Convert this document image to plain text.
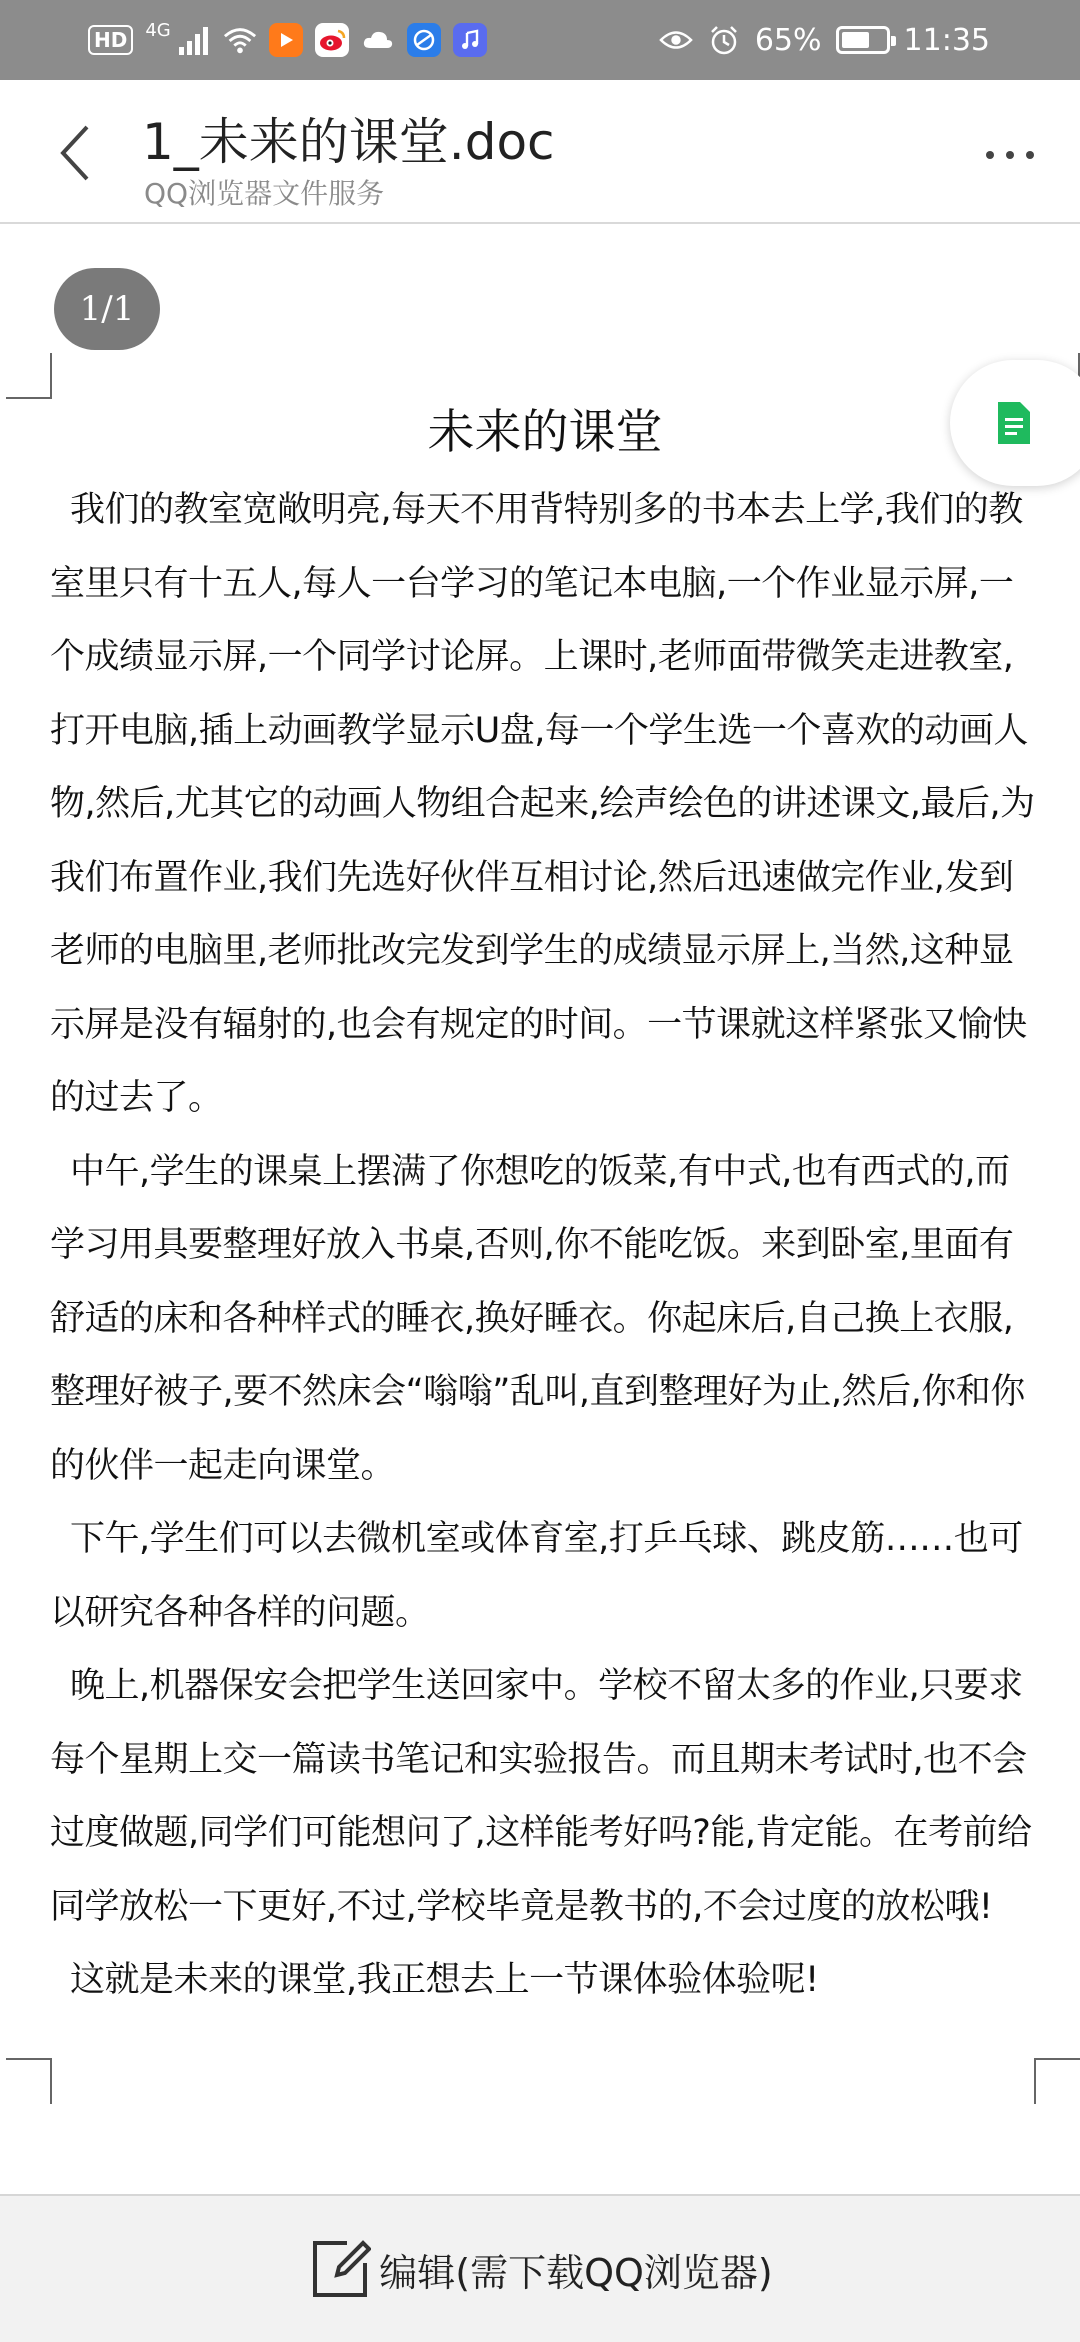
HD	4G	65%	11:35
1_未来的课堂.doc
QQ浏览器文件服务
1/1
未来的课堂

我们的教室宽敞明亮,每天不用背特别多的书本去上学,我们的教室里只有十五人,每人一台学习的笔记本电脑,一个作业显示屏,一个成绩显示屏,一个同学讨论屏。上课时,老师面带微笑走进教室,打开电脑,插上动画教学显示U盘,每一个学生选一个喜欢的动画人物,然后,尤其它的动画人物组合起来,绘声绘色的讲述课文,最后,为我们布置作业,我们先选好伙伴互相讨论,然后迅速做完作业,发到老师的电脑里,老师批改完发到学生的成绩显示屏上,当然,这种显示屏是没有辐射的,也会有规定的时间。一节课就这样紧张又愉快的过去了。

中午,学生的课桌上摆满了你想吃的饭菜,有中式,也有西式的,而学习用具要整理好放入书桌,否则,你不能吃饭。来到卧室,里面有舒适的床和各种样式的睡衣,换好睡衣。你起床后,自己换上衣服,整理好被子,要不然床会“嗡嗡”乱叫,直到整理好为止,然后,你和你的伙伴一起走向课堂。

下午,学生们可以去微机室或体育室,打乒乓球、跳皮筋……也可以研究各种各样的问题。

晚上,机器保安会把学生送回家中。学校不留太多的作业,只要求每个星期上交一篇读书笔记和实验报告。而且期末考试时,也不会过度做题,同学们可能想问了,这样能考好吗?能,肯定能。在考前给同学放松一下更好,不过,学校毕竟是教书的,不会过度的放松哦!

这就是未来的课堂,我正想去上一节课体验体验呢!

编辑(需下载QQ浏览器)
